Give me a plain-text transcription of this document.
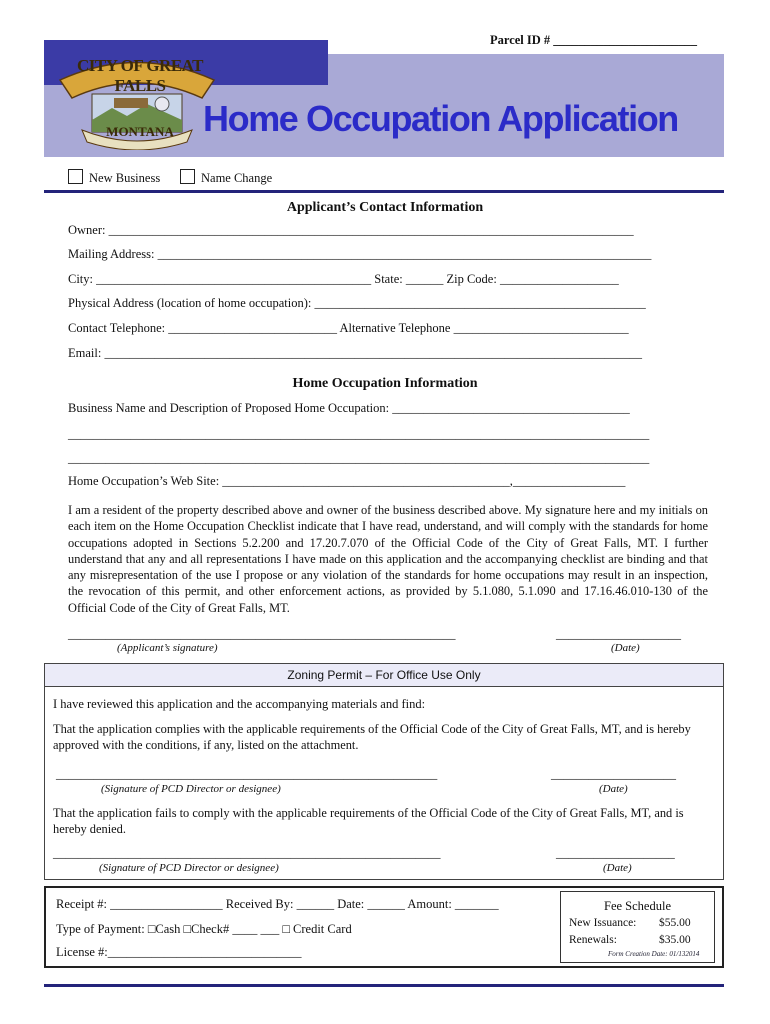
Parcel ID # _______________________
CITY OF GREAT FALLS
MONTANA Home Occupation Application
New Business	Name Change
Applicant’s Contact Information
Owner: ____________________________________________________________________________________
Mailing Address: _______________________________________________________________________________
City: ____________________________________________ State: ______ Zip Code: ___________________
Physical Address (location of home occupation): _____________________________________________________
Contact Telephone: ___________________________ Alternative Telephone ____________________________
Email: ______________________________________________________________________________________
Home Occupation Information
Business Name and Description of Proposed Home Occupation: ______________________________________
_____________________________________________________________________________________________
_____________________________________________________________________________________________
Home Occupation’s Web Site: ______________________________________________,__________________
I am a resident of the property described above and owner of the business described above. My signature here and my initials on each item on the Home Occupation Checklist indicate that I have read, understand, and will comply with the standards for home occupations adopted in Sections 5.2.200 and 17.20.7.070 of the Official Code of the City of Great Falls, MT. I further understand that any and all representations I have made on this application and the accompanying checklist are binding and that any misrepresentation of the use I propose or any violation of the standards for home occupations may result in an inspection, the revocation of this permit, and other enforcement actions, as provided by 5.1.080, 5.1.090 and 17.16.46.010-130 of the Official Code of the City of Great Falls, MT.
______________________________________________________________	____________________
(Applicant’s signature)	(Date)
Zoning Permit – For Office Use Only
I have reviewed this application and the accompanying materials and find:
That the application complies with the applicable requirements of the Official Code of the City of Great Falls, MT, and is hereby approved with the conditions, if any, listed on the attachment.
_____________________________________________________________	____________________
(Signature of PCD Director or designee)	(Date)
That the application fails to comply with the applicable requirements of the Official Code of the City of Great Falls, MT, and is hereby denied.
______________________________________________________________	___________________
(Signature of PCD Director or designee)	(Date)
Receipt #: __________________ Received By: ______ Date: ______ Amount: _______
Type of Payment: □Cash □Check# ____ ___ □ Credit Card
License #:_______________________________
Fee Schedule
New Issuance: $55.00
Renewals:	$35.00
Form Creation Date: 01/132014
